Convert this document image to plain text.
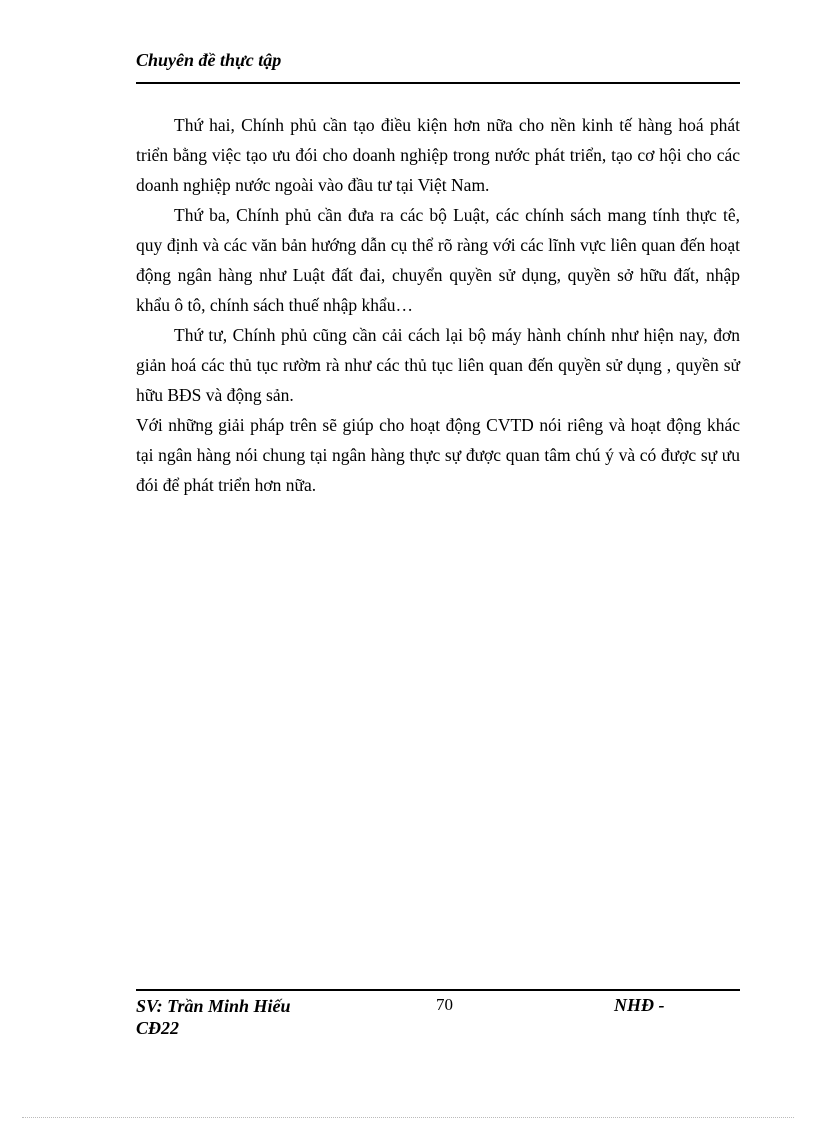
Chuyên đề thực tập

Thứ hai, Chính phủ cần tạo điều kiện hơn nữa cho nền kinh tế hàng hoá phát triển bằng việc tạo ưu đói cho doanh nghiệp trong nước phát triển, tạo cơ hội cho các doanh nghiệp nước ngoài vào đầu tư tại Việt Nam.

Thứ ba, Chính phủ cần đưa ra các bộ Luật, các chính sách mang tính thực tê, quy định và các văn bản hướng dẫn cụ thể rõ ràng với các lĩnh vực liên quan đến hoạt động ngân hàng như Luật đất đai, chuyển quyền sử dụng, quyền sở hữu đất, nhập khẩu ô tô, chính sách thuế nhập khẩu…

Thứ tư, Chính phủ cũng cần cải cách lại bộ máy hành chính như hiện nay, đơn giản hoá các thủ tục rườm rà như các thủ tục liên quan đến quyền sử dụng , quyền sử hữu BĐS và động sản.

Với những giải pháp trên sẽ giúp cho hoạt động CVTD nói riêng và hoạt động khác tại ngân hàng nói chung tại ngân hàng thực sự được quan tâm chú ý và có được sự ưu đói để phát triển hơn nữa.

SV: Trần Minh Hiếu CĐ22
70	NHĐ -
